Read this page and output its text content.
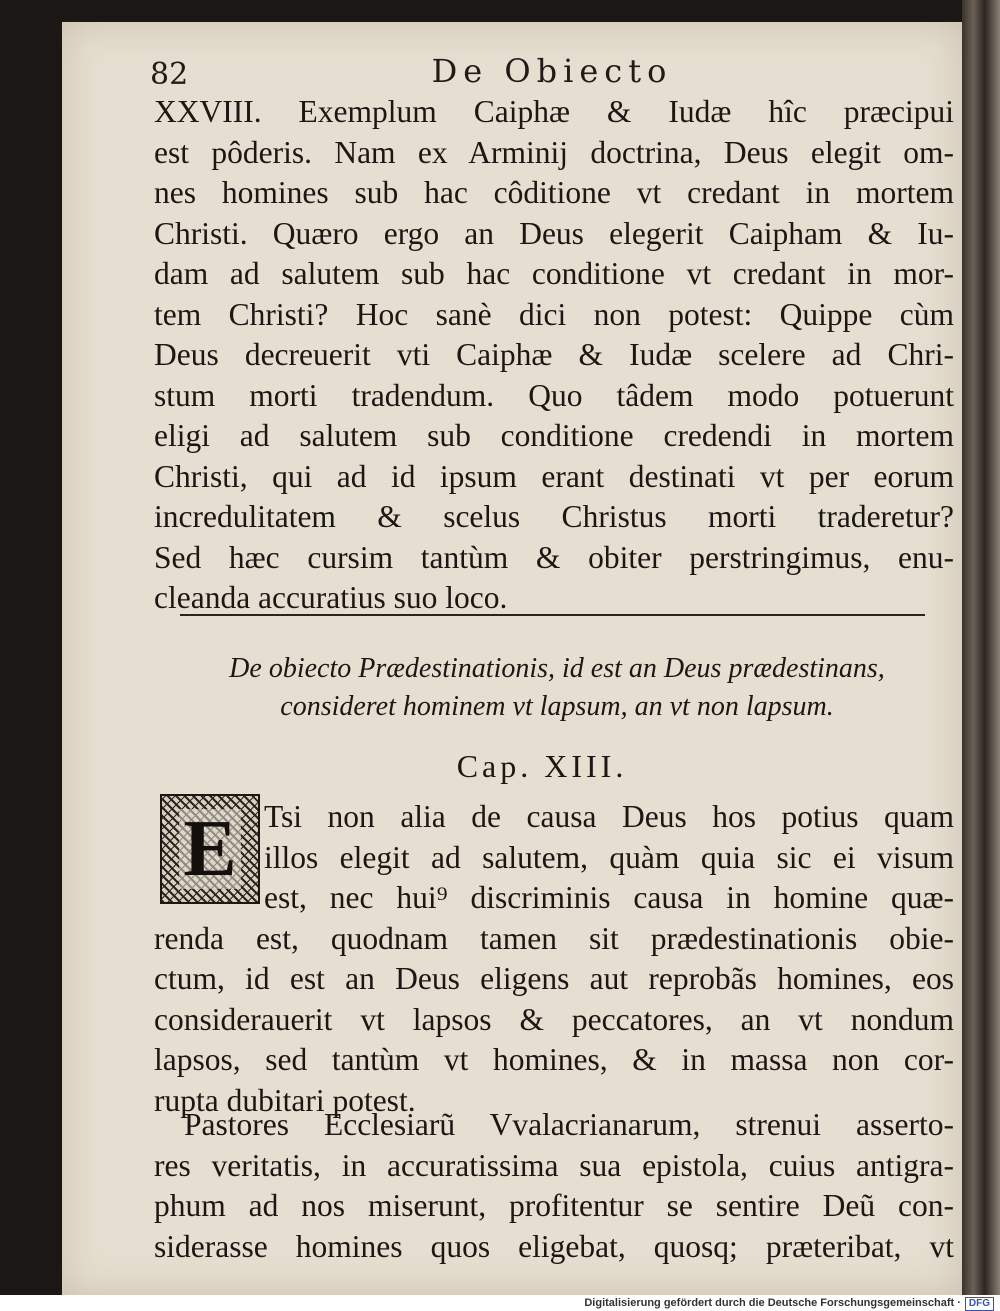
82	De Obiecto

XXVIII. Exemplum Caiphæ & Iudæ hîc præcipui
est pôderis. Nam ex Arminij doctrina, Deus elegit om-
nes homines sub hac côditione vt credant in mortem
Christi. Quæro ergo an Deus elegerit Caipham & Iu-
dam ad salutem sub hac conditione vt credant in mor-
tem Christi? Hoc sanè dici non potest: Quippe cùm
Deus decreuerit vti Caiphæ & Iudæ scelere ad Chri-
stum morti tradendum. Quo tâdem modo potuerunt
eligi ad salutem sub conditione credendi in mortem
Christi, qui ad id ipsum erant destinati vt per eorum
incredulitatem & scelus Christus morti traderetur?
Sed hæc cursim tantùm & obiter perstringimus, enu-
cleanda accuratius suo loco.

De obiecto Prædestinationis, id est an Deus prædestinans,
consideret hominem vt lapsum, an vt non lapsum.
Cap. XIII.
E Tsi non alia de causa Deus hos potius quam
illos elegit ad salutem, quàm quia sic ei visum
est, nec hui⁹ discriminis causa in homine quæ-
renda est, quodnam tamen sit prædestinationis obie-
ctum, id est an Deus eligens aut reprobãs homines, eos
considerauerit vt lapsos & peccatores, an vt nondum
lapsos, sed tantùm vt homines, & in massa non cor-
rupta dubitari potest.

Pastores Ecclesiarũ Vvalacrianarum, strenui asserto-
res veritatis, in accuratissima sua epistola, cuius antigra-
phum ad nos miserunt, profitentur se sentire Deũ con-
siderasse homines quos eligebat, quosq; præteribat, vt

Digitalisierung gefördert durch die Deutsche Forschungsgemeinschaft · DFG
